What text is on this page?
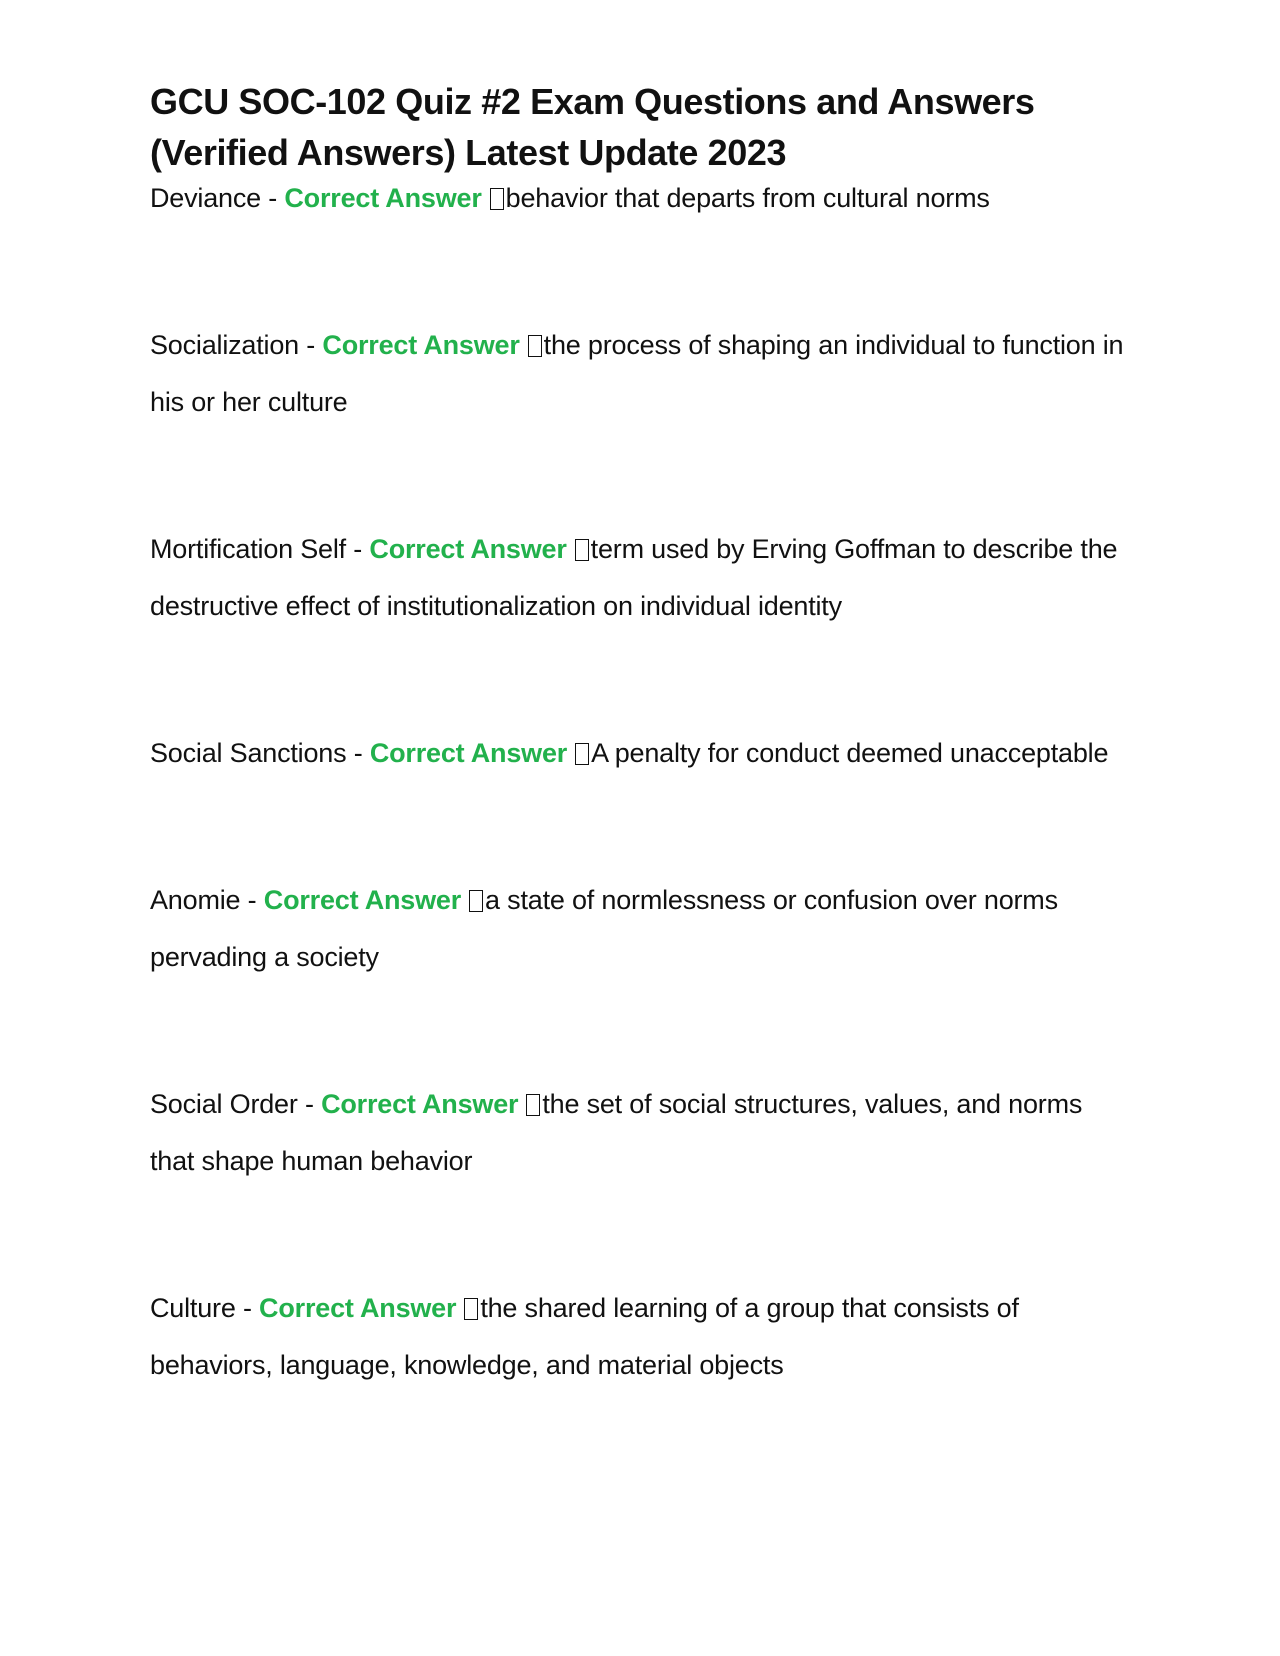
GCU SOC-102 Quiz #2 Exam Questions and Answers (Verified Answers) Latest Update 2023
Deviance - Correct Answer behavior that departs from cultural norms
Socialization - Correct Answer the process of shaping an individual to function in his or her culture
Mortification Self - Correct Answer term used by Erving Goffman to describe the destructive effect of institutionalization on individual identity
Social Sanctions - Correct Answer A penalty for conduct deemed unacceptable
Anomie - Correct Answer a state of normlessness or confusion over norms pervading a society
Social Order - Correct Answer the set of social structures, values, and norms that shape human behavior
Culture - Correct Answer the shared learning of a group that consists of behaviors, language, knowledge, and material objects
